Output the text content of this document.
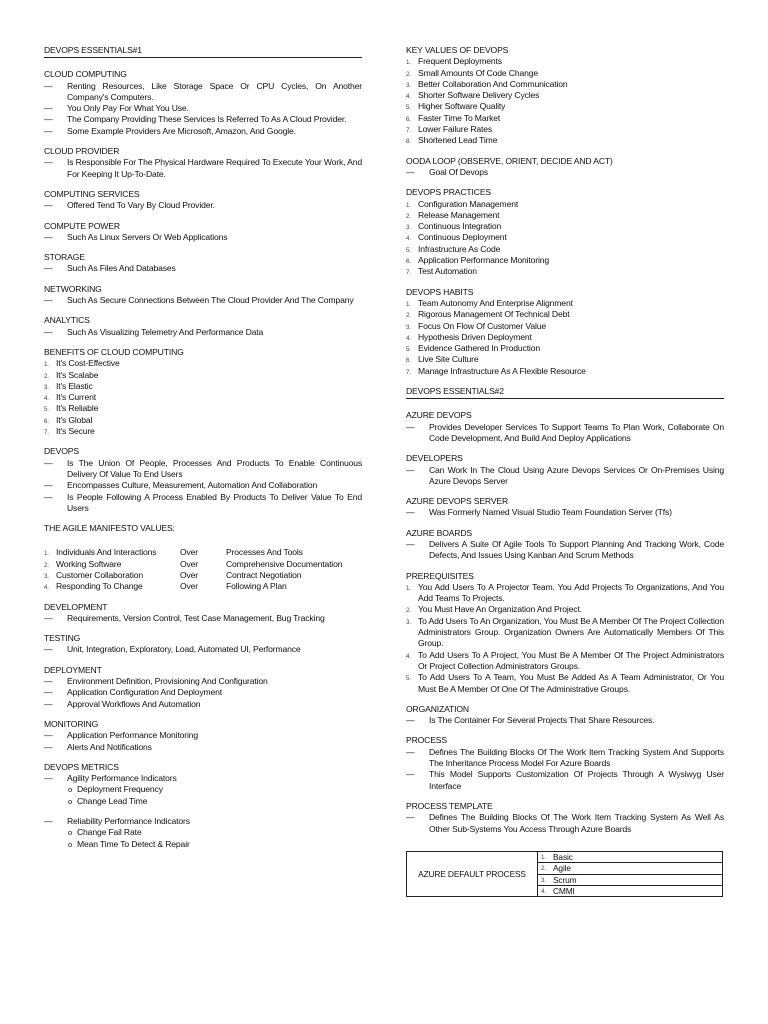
DEVOPS ESSENTIALS#1
CLOUD COMPUTING
— Renting Resources, Like Storage Space Or CPU Cycles, On Another Company's Computers.
— You Only Pay For What You Use.
— The Company Providing These Services Is Referred To As A Cloud Provider.
— Some Example Providers Are Microsoft, Amazon, And Google.
CLOUD PROVIDER
— Is Responsible For The Physical Hardware Required To Execute Your Work, And For Keeping It Up-To-Date.
COMPUTING SERVICES
— Offered Tend To Vary By Cloud Provider.
COMPUTE POWER
— Such As Linux Servers Or Web Applications
STORAGE
— Such As Files And Databases
NETWORKING
— Such As Secure Connections Between The Cloud Provider And The Company
ANALYTICS
— Such As Visualizing Telemetry And Performance Data
BENEFITS OF CLOUD COMPUTING
1. It's Cost-Effective
2. It's Scalabe
3. It's Elastic
4. It's Current
5. It's Reliable
6. It's Global
7. It's Secure
DEVOPS
— Is The Union Of People, Processes And Products To Enable Continuous Delivery Of Value To End Users
— Encompasses Culture, Measurement, Automation And Collaboration
— Is People Following A Process Enabled By Products To Deliver Value To End Users
THE AGILE MANIFESTO VALUES:
1. Individuals And Interactions	Over	Processes And Tools
2. Working Software	Over	Comprehensive Documentation
3. Customer Collaboration	Over	Contract Negotiation
4. Responding To Change	Over	Following A Plan
DEVELOPMENT
— Requirements, Version Control, Test Case Management, Bug Tracking
TESTING
— Unit, Integration, Exploratory, Load, Automated UI, Performance
DEPLOYMENT
— Environment Definition, Provisioning And Configuration
— Application Configuration And Deployment
— Approval Workflows And Automation
MONITORING
— Application Performance Monitoring
— Alerts And Notifications
DEVOPS METRICS
— Agility Performance Indicators
o Deployment Frequency
o Change Lead Time
— Reliability Performance Indicators
o Change Fail Rate
o Mean Time To Detect & Repair
KEY VALUES OF DEVOPS
1. Frequent Deployments
2. Small Amounts Of Code Change
3. Better Collaboration And Communication
4. Shorter Software Delivery Cycles
5. Higher Software Quality
6. Faster Time To Market
7. Lower Failure Rates
8. Shortened Lead Time
OODA LOOP (OBSERVE, ORIENT, DECIDE AND ACT)
— Goal Of Devops
DEVOPS PRACTICES
1. Configuration Management
2. Release Management
3. Continuous Integration
4. Continuous Deployment
5. Infrastructure As Code
6. Application Performance Monitoring
7. Test Automation
DEVOPS HABITS
1. Team Autonomy And Enterprise Alignment
2. Rigorous Management Of Technical Debt
3. Focus On Flow Of Customer Value
4. Hypothesis Driven Deployment
5. Evidence Gathered In Production
6. Live Site Culture
7. Manage Infrastructure As A Flexible Resource
DEVOPS ESSENTIALS#2
AZURE DEVOPS
— Provides Developer Services To Support Teams To Plan Work, Collaborate On Code Development, And Build And Deploy Applications
DEVELOPERS
— Can Work In The Cloud Using Azure Devops Services Or On-Premises Using Azure Devops Server
AZURE DEVOPS SERVER
— Was Formerly Named Visual Studio Team Foundation Server (Tfs)
AZURE BOARDS
— Delivers A Suite Of Agile Tools To Support Planning And Tracking Work, Code Defects, And Issues Using Kanban And Scrum Methods
PREREQUISITES
1. You Add Users To A Projector Team. You Add Projects To Organizations, And You Add Teams To Projects.
2. You Must Have An Organization And Project.
3. To Add Users To An Organization, You Must Be A Member Of The Project Collection Administrators Group. Organization Owners Are Automatically Members Of This Group.
4. To Add Users To A Project, You Must Be A Member Of The Project Administrators Or Project Collection Administrators Groups.
5. To Add Users To A Team, You Must Be Added As A Team Administrator, Or You Must Be A Member Of One Of The Administrative Groups.
ORGANIZATION
— Is The Container For Several Projects That Share Resources.
PROCESS
— Defines The Building Blocks Of The Work Item Tracking System And Supports The Inheritance Process Model For Azure Boards
— This Model Supports Customization Of Projects Through A Wysiwyg User Interface
PROCESS TEMPLATE
— Defines The Building Blocks Of The Work Item Tracking System As Well As Other Sub-Systems You Access Through Azure Boards
AZURE DEFAULT PROCESS	
1. Basic

2. Agile

3. Scrum

4. CMMI
